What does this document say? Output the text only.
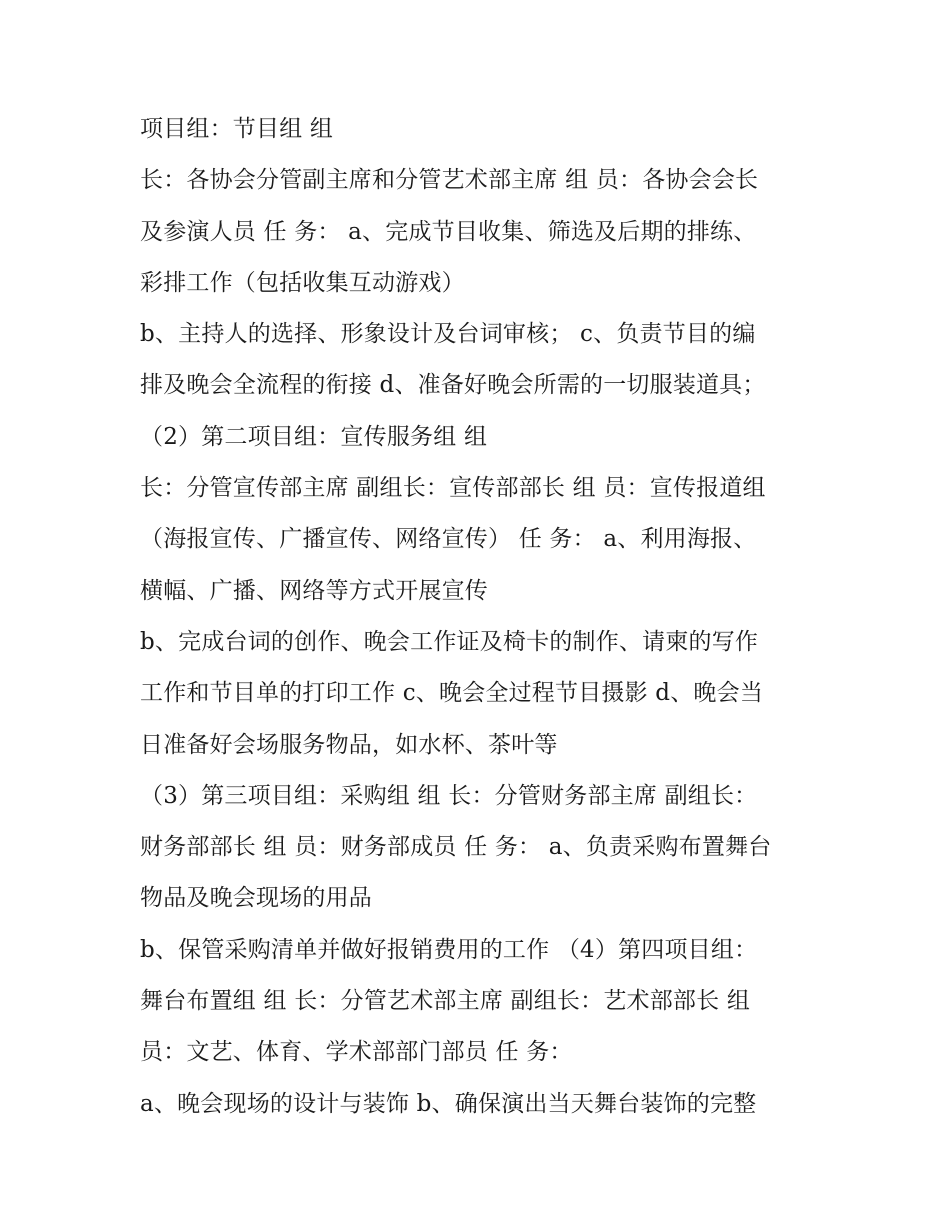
项目组：节目组 组
长：各协会分管副主席和分管艺术部主席 组 员：各协会会长
及参演人员 任 务： a、完成节目收集、筛选及后期的排练、
彩排工作（包括收集互动游戏）
b、主持人的选择、形象设计及台词审核； c、负责节目的编
排及晚会全流程的衔接 d、准备好晚会所需的一切服装道具；
（2）第二项目组：宣传服务组 组
长：分管宣传部主席 副组长：宣传部部长 组 员：宣传报道组
（海报宣传、广播宣传、网络宣传） 任 务： a、利用海报、
横幅、广播、网络等方式开展宣传
b、完成台词的创作、晚会工作证及椅卡的制作、请柬的写作
工作和节目单的打印工作 c、晚会全过程节目摄影 d、晚会当
日准备好会场服务物品，如水杯、茶叶等
（3）第三项目组：采购组 组 长：分管财务部主席 副组长：
财务部部长 组 员：财务部成员 任 务： a、负责采购布置舞台
物品及晚会现场的用品
b、保管采购清单并做好报销费用的工作 （4）第四项目组：
舞台布置组 组 长：分管艺术部主席 副组长：艺术部部长 组
员：文艺、体育、学术部部门部员 任 务：
a、晚会现场的设计与装饰 b、确保演出当天舞台装饰的完整
